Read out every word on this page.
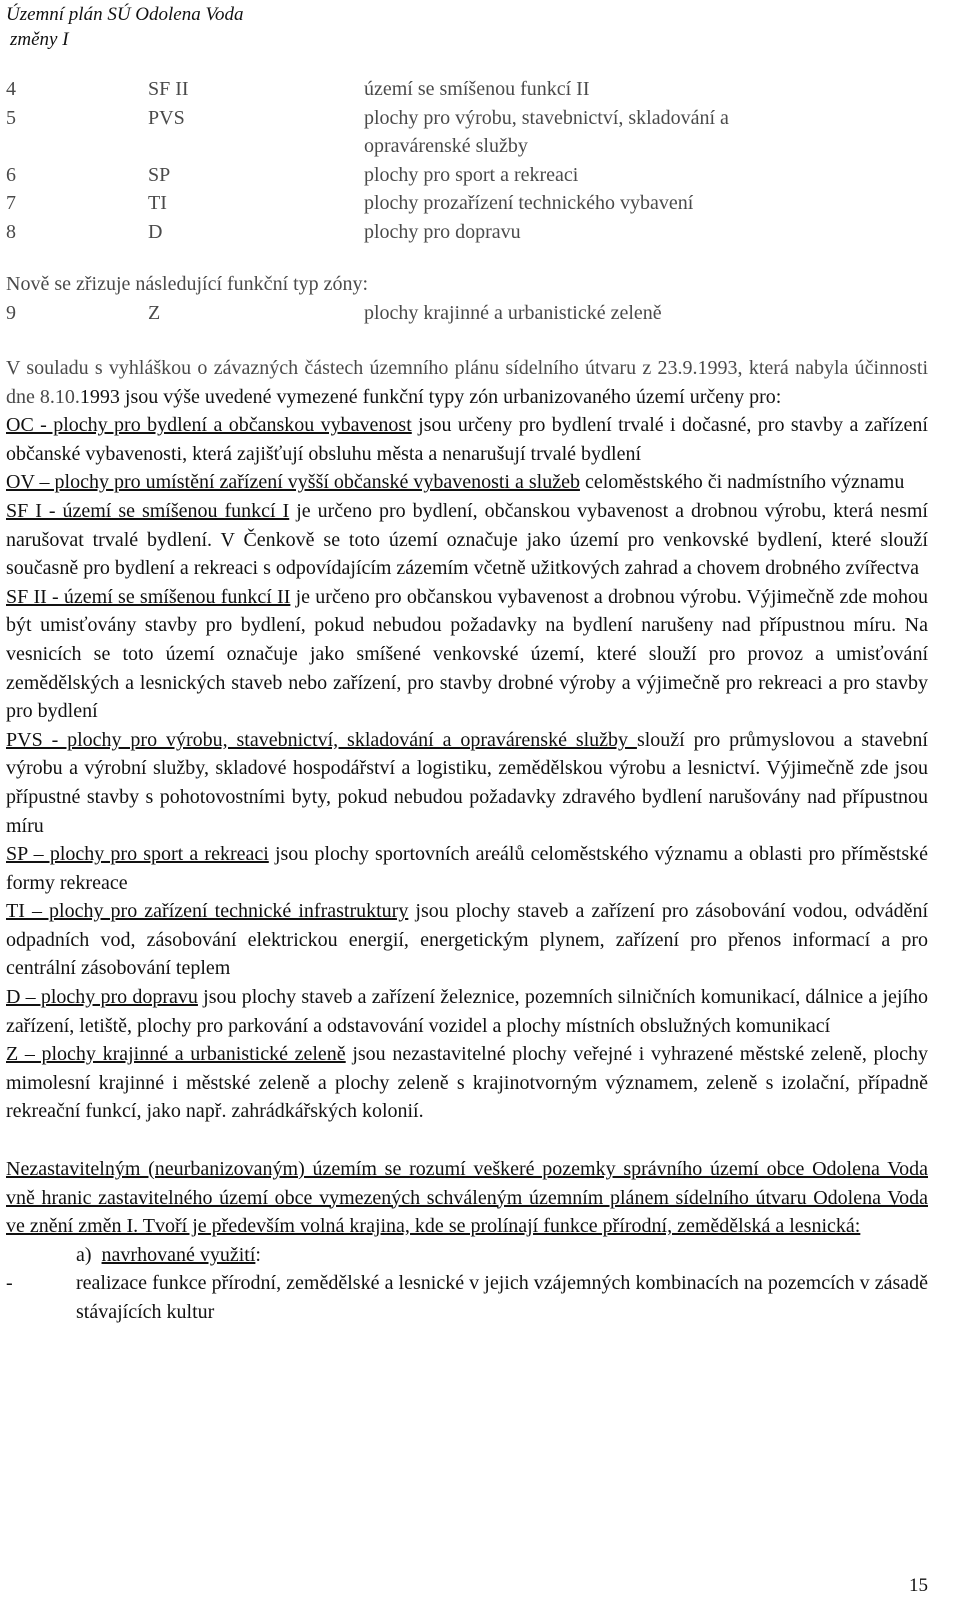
Územní plán SÚ Odolena Voda
změny I
4	SF II	území se smíšenou funkcí II
5	PVS	plochy pro výrobu, stavebnictví, skladování a
opravárenské služby
6	SP	plochy pro sport a rekreaci
7	TI	plochy prozařízení technického vybavení
8	D	plochy pro dopravu
Nově se zřizuje následující funkční typ zóny:
9	Z	plochy krajinné a urbanistické zeleně

V souladu s vyhláškou o závazných částech územního plánu sídelního útvaru z 23.9.1993, která nabyla účinnosti dne 8.10.1993 jsou výše uvedené vymezené funkční typy zón urbanizovaného území určeny pro:

OC - plochy pro bydlení a občanskou vybavenost jsou určeny pro bydlení trvalé i dočasné, pro stavby a zařízení občanské vybavenosti, která zajišťují obsluhu města a nenarušují trvalé bydlení

OV – plochy pro umístění zařízení vyšší občanské vybavenosti a služeb celoměstského či nadmístního významu

SF I - území se smíšenou funkcí I je určeno pro bydlení, občanskou vybavenost a drobnou výrobu, která nesmí narušovat trvalé bydlení. V Čenkově se toto území označuje jako území pro venkovské bydlení, které slouží současně pro bydlení a rekreaci s odpovídajícím zázemím včetně užitkových zahrad a chovem drobného zvířectva

SF II - území se smíšenou funkcí II je určeno pro občanskou vybavenost a drobnou výrobu. Výjimečně zde mohou být umisťovány stavby pro bydlení, pokud nebudou požadavky na bydlení narušeny nad přípustnou míru. Na vesnicích se toto území označuje jako smíšené venkovské území, které slouží pro provoz a umisťování zemědělských a lesnických staveb nebo zařízení, pro stavby drobné výroby a výjimečně pro rekreaci a pro stavby pro bydlení

PVS - plochy pro výrobu, stavebnictví, skladování a opravárenské služby slouží pro průmyslovou a stavební výrobu a výrobní služby, skladové hospodářství a logistiku, zemědělskou výrobu a lesnictví. Výjimečně zde jsou přípustné stavby s pohotovostními byty, pokud nebudou požadavky zdravého bydlení narušovány nad přípustnou míru

SP – plochy pro sport a rekreaci jsou plochy sportovních areálů celoměstského významu a oblasti pro příměstské formy rekreace

TI – plochy pro zařízení technické infrastruktury jsou plochy staveb a zařízení pro zásobování vodou, odvádění odpadních vod, zásobování elektrickou energií, energetickým plynem, zařízení pro přenos informací a pro centrální zásobování teplem

D – plochy pro dopravu jsou plochy staveb a zařízení železnice, pozemních silničních komunikací, dálnice a jejího zařízení, letiště, plochy pro parkování a odstavování vozidel a plochy místních obslužných komunikací

Z – plochy krajinné a urbanistické zeleně jsou nezastavitelné plochy veřejné i vyhrazené městské zeleně, plochy mimolesní krajinné i městské zeleně a plochy zeleně s krajinotvorným významem, zeleně s izolační, případně rekreační funkcí, jako např. zahrádkářských kolonií.

Nezastavitelným (neurbanizovaným) územím se rozumí veškeré pozemky správního území obce Odolena Voda vně hranic zastavitelného území obce vymezených schváleným územním plánem sídelního útvaru Odolena Voda ve znění změn I. Tvoří je především volná krajina, kde se prolínají funkce přírodní, zemědělská a lesnická:

a) navrhované využití:

-	realizace funkce přírodní, zemědělské a lesnické v jejich vzájemných kombinacích na pozemcích v zásadě stávajících kultur
15
